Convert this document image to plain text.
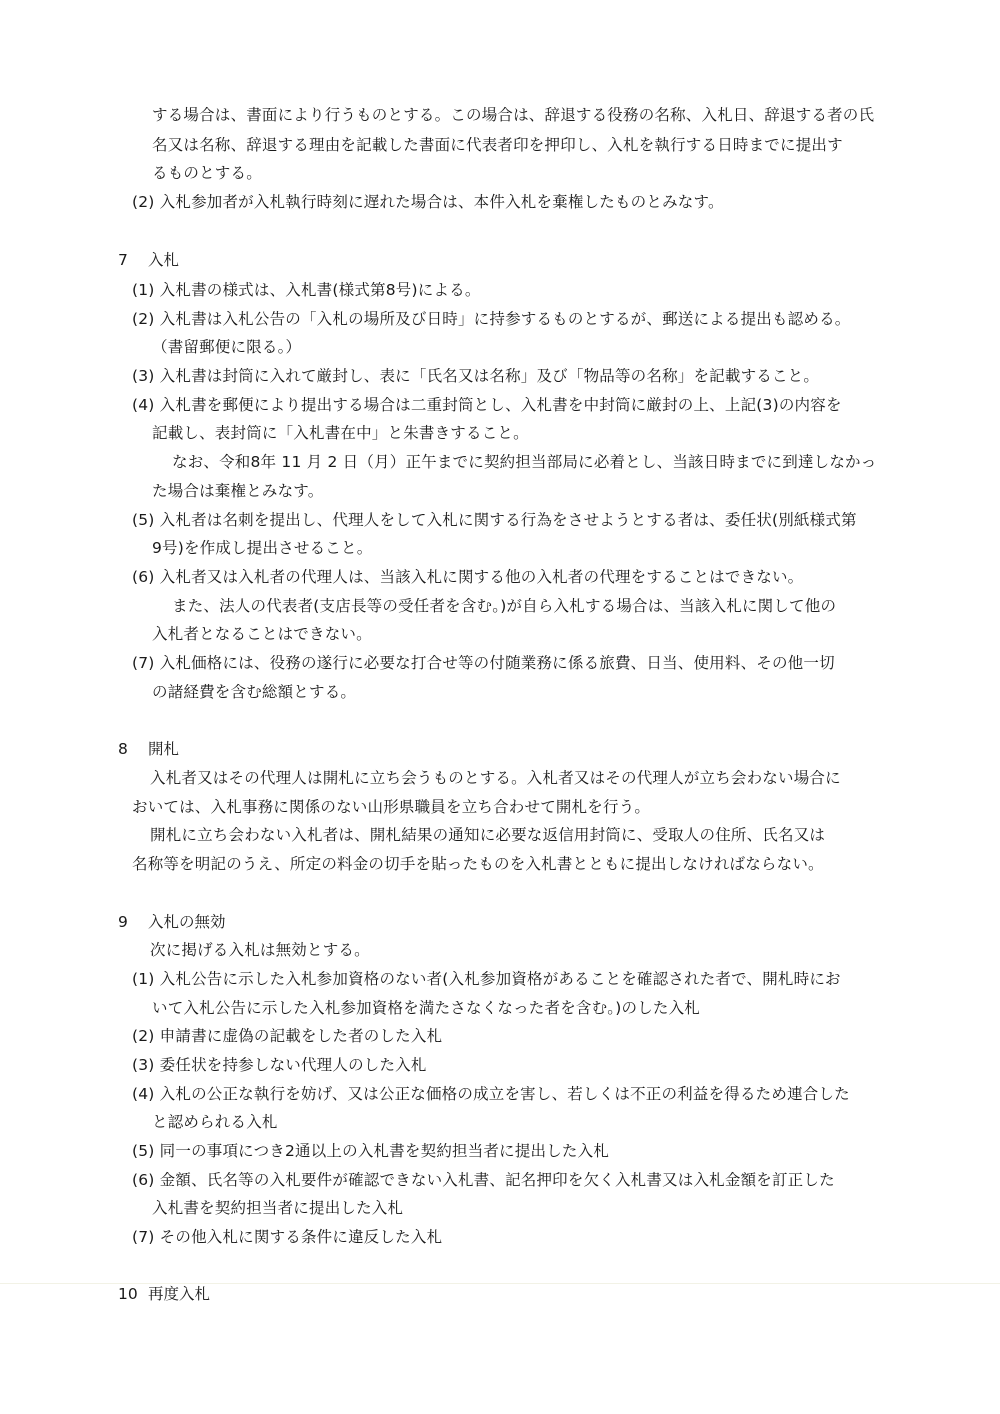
する場合は、書面により行うものとする。この場合は、辞退する役務の名称、入札日、辞退する者の氏
名又は名称、辞退する理由を記載した書面に代表者印を押印し、入札を執行する日時までに提出す
るものとする。
(2) 入札参加者が入札執行時刻に遅れた場合は、本件入札を棄権したものとみなす。
7 入札
(1) 入札書の様式は、入札書(様式第8号)による。
(2) 入札書は入札公告の「入札の場所及び日時」に持参するものとするが、郵送による提出も認める。
（書留郵便に限る。）
(3) 入札書は封筒に入れて厳封し、表に「氏名又は名称」及び「物品等の名称」を記載すること。
(4) 入札書を郵便により提出する場合は二重封筒とし、入札書を中封筒に厳封の上、上記(3)の内容を
記載し、表封筒に「入札書在中」と朱書きすること。
なお、令和8年 11 月 2 日（月）正午までに契約担当部局に必着とし、当該日時までに到達しなかっ
た場合は棄権とみなす。
(5) 入札者は名刺を提出し、代理人をして入札に関する行為をさせようとする者は、委任状(別紙様式第
9号)を作成し提出させること。
(6) 入札者又は入札者の代理人は、当該入札に関する他の入札者の代理をすることはできない。
また、法人の代表者(支店長等の受任者を含む。)が自ら入札する場合は、当該入札に関して他の
入札者となることはできない。
(7) 入札価格には、役務の遂行に必要な打合せ等の付随業務に係る旅費、日当、使用料、その他一切
の諸経費を含む総額とする。
8 開札
入札者又はその代理人は開札に立ち会うものとする。入札者又はその代理人が立ち会わない場合に
おいては、入札事務に関係のない山形県職員を立ち合わせて開札を行う。
開札に立ち会わない入札者は、開札結果の通知に必要な返信用封筒に、受取人の住所、氏名又は
名称等を明記のうえ、所定の料金の切手を貼ったものを入札書とともに提出しなければならない。
9 入札の無効
次に掲げる入札は無効とする。
(1) 入札公告に示した入札参加資格のない者(入札参加資格があることを確認された者で、開札時にお
いて入札公告に示した入札参加資格を満たさなくなった者を含む。)のした入札
(2) 申請書に虚偽の記載をした者のした入札
(3) 委任状を持参しない代理人のした入札
(4) 入札の公正な執行を妨げ、又は公正な価格の成立を害し、若しくは不正の利益を得るため連合した
と認められる入札
(5) 同一の事項につき2通以上の入札書を契約担当者に提出した入札
(6) 金額、氏名等の入札要件が確認できない入札書、記名押印を欠く入札書又は入札金額を訂正した
入札書を契約担当者に提出した入札
(7) その他入札に関する条件に違反した入札
10 再度入札
